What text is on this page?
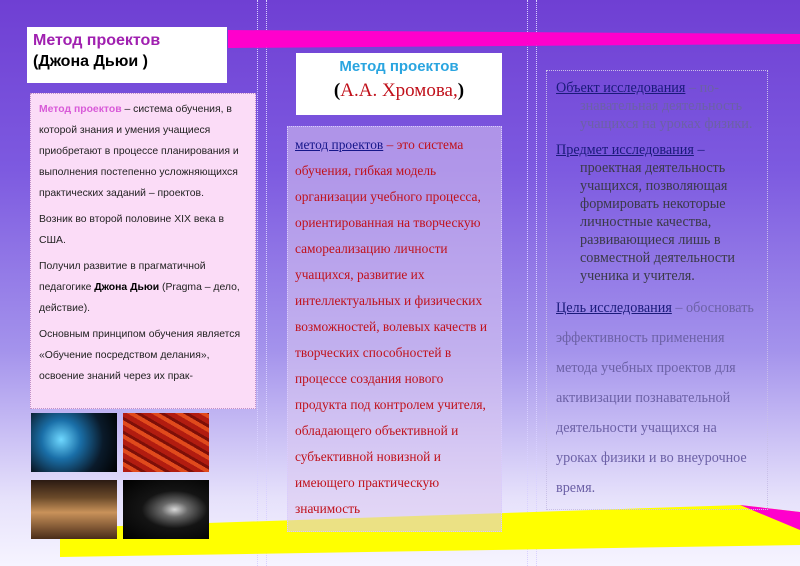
Метод проектов
(Джона Дьюи )

Метод проектов – система обучения, в которой знания и умения учащиеся приобретают в процессе планирования и выполнения постепенно усложняющихся практических заданий – проектов.

Возник во второй половине XIX века в США.

Получил развитие в прагматичной педагогике Джона Дьюи (Pragma – дело, действие).

Основным принципом обучения является «Обучение посредством делания», освоение знаний через их прак-

Метод проектов
(А.А. Хромова,)
метод проектов – это система обучения, гибкая модель организации учебного процесса, ориентированная на творческую самореализацию личности учащихся, развитие их интеллектуальных и физических возможностей, волевых качеств и творческих способностей в процессе создания нового продукта под контролем учителя, обладающего объективной и субъективной новизной и имеющего практическую значимость
Объект исследования – по-
знавательная деятельность учащихся на уроках физики.
Предмет исследования –
проектная деятельность учащихся, позволяющая формировать некоторые личностные качества, развивающиеся лишь в совместной деятельности ученика и учителя.
Цель исследования – обосновать эффективность применения метода учебных проектов для активизации познавательной деятельности учащихся на уроках физики и во внеурочное время.
